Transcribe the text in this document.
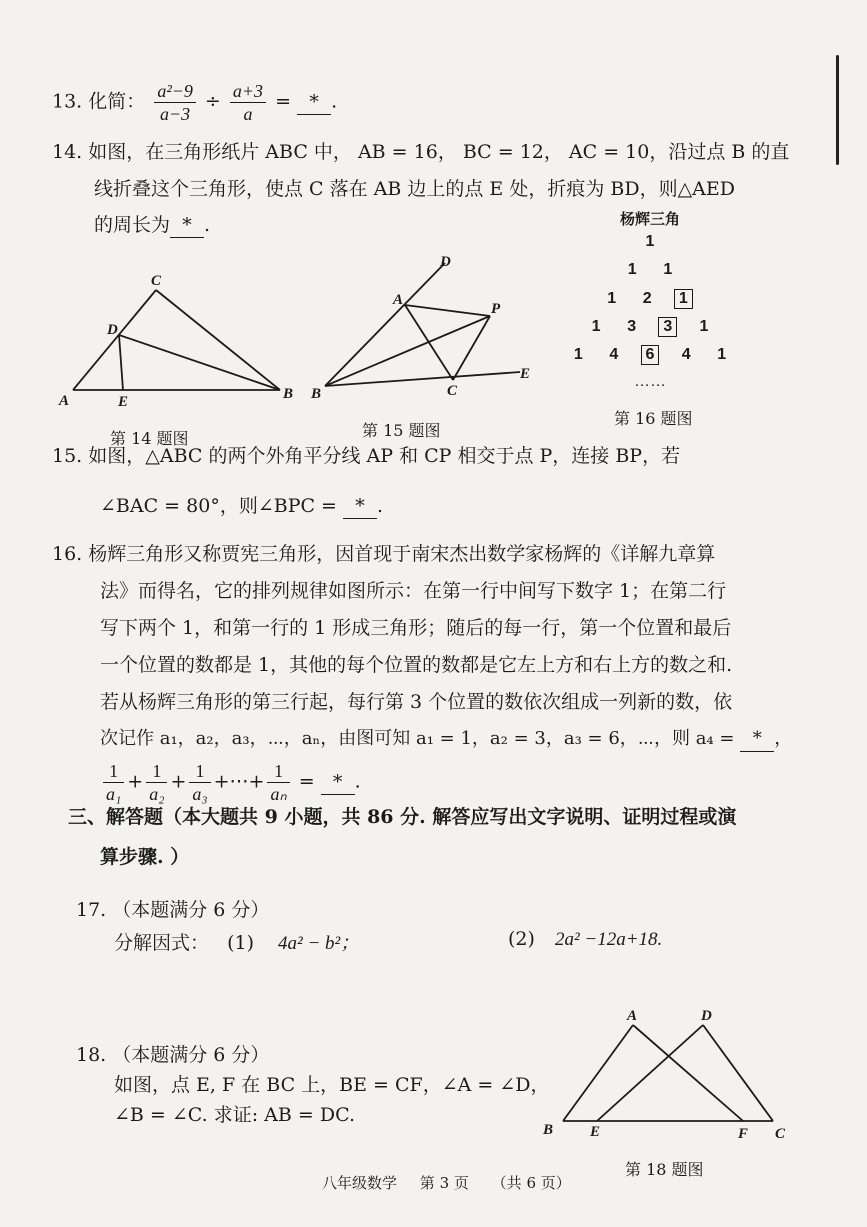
13. 化简： $\frac{\text{a²−9}}{a-3} \div \frac{a+3}{a}$ = * .
14. 如图，在三角形纸片 ABC 中， AB = 16， BC = 12， AC = 10，沿过点 B 的直
线折叠这个三角形，使点 C 落在 AB 边上的点 E 处，折痕为 BD，则△AED
的周长为 * .
A	B
C
D
E
第 14 题图
A
B	C
D
E
P
第 15 题图
杨辉三角
1
1 1
1 2 1
1 3 3 1
1 4 6 4 1
……
第 16 题图
15. 如图，△ABC 的两个外角平分线 AP 和 CP 相交于点 P，连接 BP，若
∠BAC = 80°，则∠BPC = * .
16. 杨辉三角形又称贾宪三角形，因首现于南宋杰出数学家杨辉的《详解九章算
法》而得名，它的排列规律如图所示：在第一行中间写下数字 1；在第二行
写下两个 1，和第一行的 1 形成三角形；随后的每一行，第一个位置和最后
一个位置的数都是 1，其他的每个位置的数都是它左上方和右上方的数之和.
若从杨辉三角形的第三行起，每行第 3 个位置的数依次组成一列新的数，依
次记作 a₁，a₂，a₃，⋯，aₙ，由图可知 a₁ = 1，a₂ = 3，a₃ = 6，⋯，则 a₄ = * ，
$\frac{1}{\text{a₁}} + \frac{1}{\text{a₂}} + \frac{1}{\text{a₃}}$ +⋯+ $\frac{1}{\text{aₙ}}$ = * .
三、解答题（本大题共 9 小题，共 86 分. 解答应写出文字说明、证明过程或演
算步骤. ）
17. （本题满分 6 分）
分解因式： (1) 4a² − b²；	(2) 2a² −12a+18.
18. （本题满分 6 分）
如图，点 E, F 在 BC 上，BE = CF，∠A = ∠D，
∠B = ∠C. 求证: AB = DC.
A
B	C
D
E	F
第 18 题图
八年级数学 第 3 页 （共 6 页）
